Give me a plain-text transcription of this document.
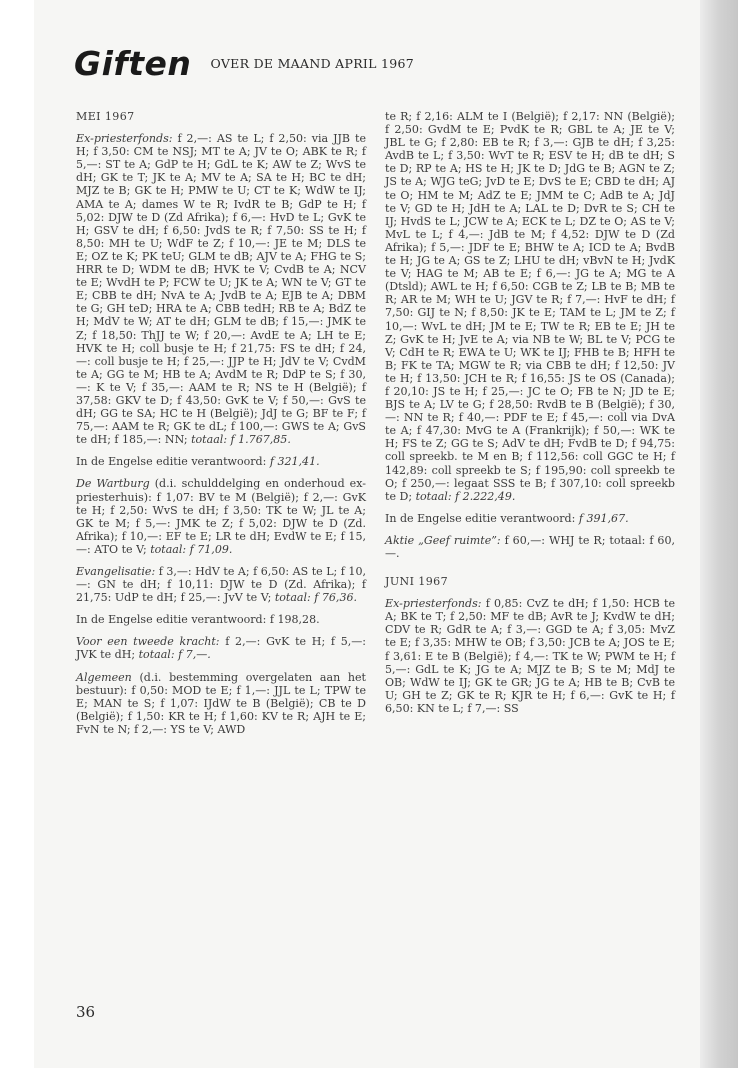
Giften $^{OVER DE MAAND APRIL 1967}$
MEI 1967

Ex-priesterfonds: f 2,—: AS te L; f 2,50: via JJB te H; f 3,50: CM te NSJ; MT te A; JV te O; ABK te R; f 5,—: ST te A; GdP te H; GdL te K; AW te Z; WvS te dH; GK te T; JK te A; MV te A; SA te H; BC te dH; MJZ te B; GK te H; PMW te U; CT te K; WdW te IJ; AMA te A; dames W te R; IvdR te B; GdP te H; f 5,02: DJW te D (Zd Afrika); f 6,—: HvD te L; GvK te H; GSV te dH; f 6,50: JvdS te R; f 7,50: SS te H; f 8,50: MH te U; WdF te Z; f 10,—: JE te M; DLS te E; OZ te K; PK teU; GLM te dB; AJV te A; FHG te S; HRR te D; WDM te dB; HVK te V; CvdB te A; NCV te E; WvdH te P; FCW te U; JK te A; WN te V; GT te E; CBB te dH; NvA te A; JvdB te A; EJB te A; DBM te G; GH teD; HRA te A; CBB tedH; RB te A; BdZ te H; MdV te W; AT te dH; GLM te dB; f 15,—: JMK te Z; f 18,50: ThJJ te W; f 20,—: AvdE te A; LH te E; HVK te H; coll busje te H; f 21,75: FS te dH; f 24,—: coll busje te H; f 25,—: JJP te H; JdV te V; CvdM te A; GG te M; HB te A; AvdM te R; DdP te S; f 30,—: K te V; f 35,—: AAM te R; NS te H (België); f 37,58: GKV te D; f 43,50: GvK te V; f 50,—: GvS te dH; GG te SA; HC te H (België); JdJ te G; BF te F; f 75,—: AAM te R; GK te dL; f 100,—: GWS te A; GvS te dH; f 185,—: NN; totaal: f 1.767,85.

In de Engelse editie verantwoord: f 321,41.

De Wartburg (d.i. schulddelging en onderhoud ex-priesterhuis): f 1,07: BV te M (België); f 2,—: GvK te H; f 2,50: WvS te dH; f 3,50: TK te W; JL te A; GK te M; f 5,—: JMK te Z; f 5,02: DJW te D (Zd. Afrika); f 10,—: EF te E; LR te dH; EvdW te E; f 15,—: ATO te V; totaal: f 71,09.

Evangelisatie: f 3,—: HdV te A; f 6,50: AS te L; f 10,—: GN te dH; f 10,11: DJW te D (Zd. Afrika); f 21,75: UdP te dH; f 25,—: JvV te V; totaal: f 76,36.

In de Engelse editie verantwoord: f 198,28.

Voor een tweede kracht: f 2,—: GvK te H; f 5,—: JVK te dH; totaal: f 7,—.

Algemeen (d.i. bestemming overgelaten aan het bestuur): f 0,50: MOD te E; f 1,—: JJL te L; TPW te E; MAN te S; f 1,07: IJdW te B (België); CB te D (België); f 1,50: KR te H; f 1,60: KV te R; AJH te E; FvN te N; f 2,—: YS te V; AWD

te R; f 2,16: ALM te I (België); f 2,17: NN (België); f 2,50: GvdM te E; PvdK te R; GBL te A; JE te V; JBL te G; f 2,80: EB te R; f 3,—: GJB te dH; f 3,25: AvdB te L; f 3,50: WvT te R; ESV te H; dB te dH; S te D; RP te A; HS te H; JK te D; JdG te B; AGN te Z; JS te A; WJG teG; JvD te E; DvS te E; CBD te dH; AJ te O; HM te M; AdZ te E; JMM te C; AdB te A; JdJ te V; GD te H; JdH te A; LAL te D; DvR te S; CH te IJ; HvdS te L; JCW te A; ECK te L; DZ te O; AS te V; MvL te L; f 4,—: JdB te M; f 4,52: DJW te D (Zd Afrika); f 5,—: JDF te E; BHW te A; ICD te A; BvdB te H; JG te A; GS te Z; LHU te dH; vBvN te H; JvdK te V; HAG te M; AB te E; f 6,—: JG te A; MG te A (Dtsld); AWL te H; f 6,50: CGB te Z; LB te B; MB te R; AR te M; WH te U; JGV te R; f 7,—: HvF te dH; f 7,50: GIJ te N; f 8,50: JK te E; TAM te L; JM te Z; f 10,—: WvL te dH; JM te E; TW te R; EB te E; JH te Z; GvK te H; JvE te A; via NB te W; BL te V; PCG te V; CdH te R; EWA te U; WK te IJ; FHB te B; HFH te B; FK te TA; MGW te R; via CBB te dH; f 12,50: JV te H; f 13,50: JCH te R; f 16,55: JS te OS (Canada); f 20,10: JS te H; f 25,—: JC te O; FB te N; JD te E; BJS te A; LV te G; f 28,50: RvdB te B (België); f 30,—: NN te R; f 40,—: PDF te E; f 45,—: coll via DvA te A; f 47,30: MvG te A (Frankrijk); f 50,—: WK te H; FS te Z; GG te S; AdV te dH; FvdB te D; f 94,75: coll spreekb. te M en B; f 112,56: coll GGC te H; f 142,89: coll spreekb te S; f 195,90: coll spreekb te O; f 250,—: legaat SSS te B; f 307,10: coll spreekb te D; totaal: f 2.222,49.

In de Engelse editie verantwoord: f 391,67.

Aktie „Geef ruimte”: f 60,—: WHJ te R; totaal: f 60,—.

JUNI 1967

Ex-priesterfonds: f 0,85: CvZ te dH; f 1,50: HCB te A; BK te T; f 2,50: MF te dB; AvR te J; KvdW te dH; CDV te R; GdR te A; f 3,—: GGD te A; f 3,05: MvZ te E; f 3,35: MHW te OB; f 3,50: JCB te A; JOS te E; f 3,61: E te B (België); f 4,—: TK te W; PWM te H; f 5,—: GdL te K; JG te A; MJZ te B; S te M; MdJ te OB; WdW te IJ; GK te GR; JG te A; HB te B; CvB te U; GH te Z; GK te R; KJR te H; f 6,—: GvK te H; f 6,50: KN te L; f 7,—: SS

36
